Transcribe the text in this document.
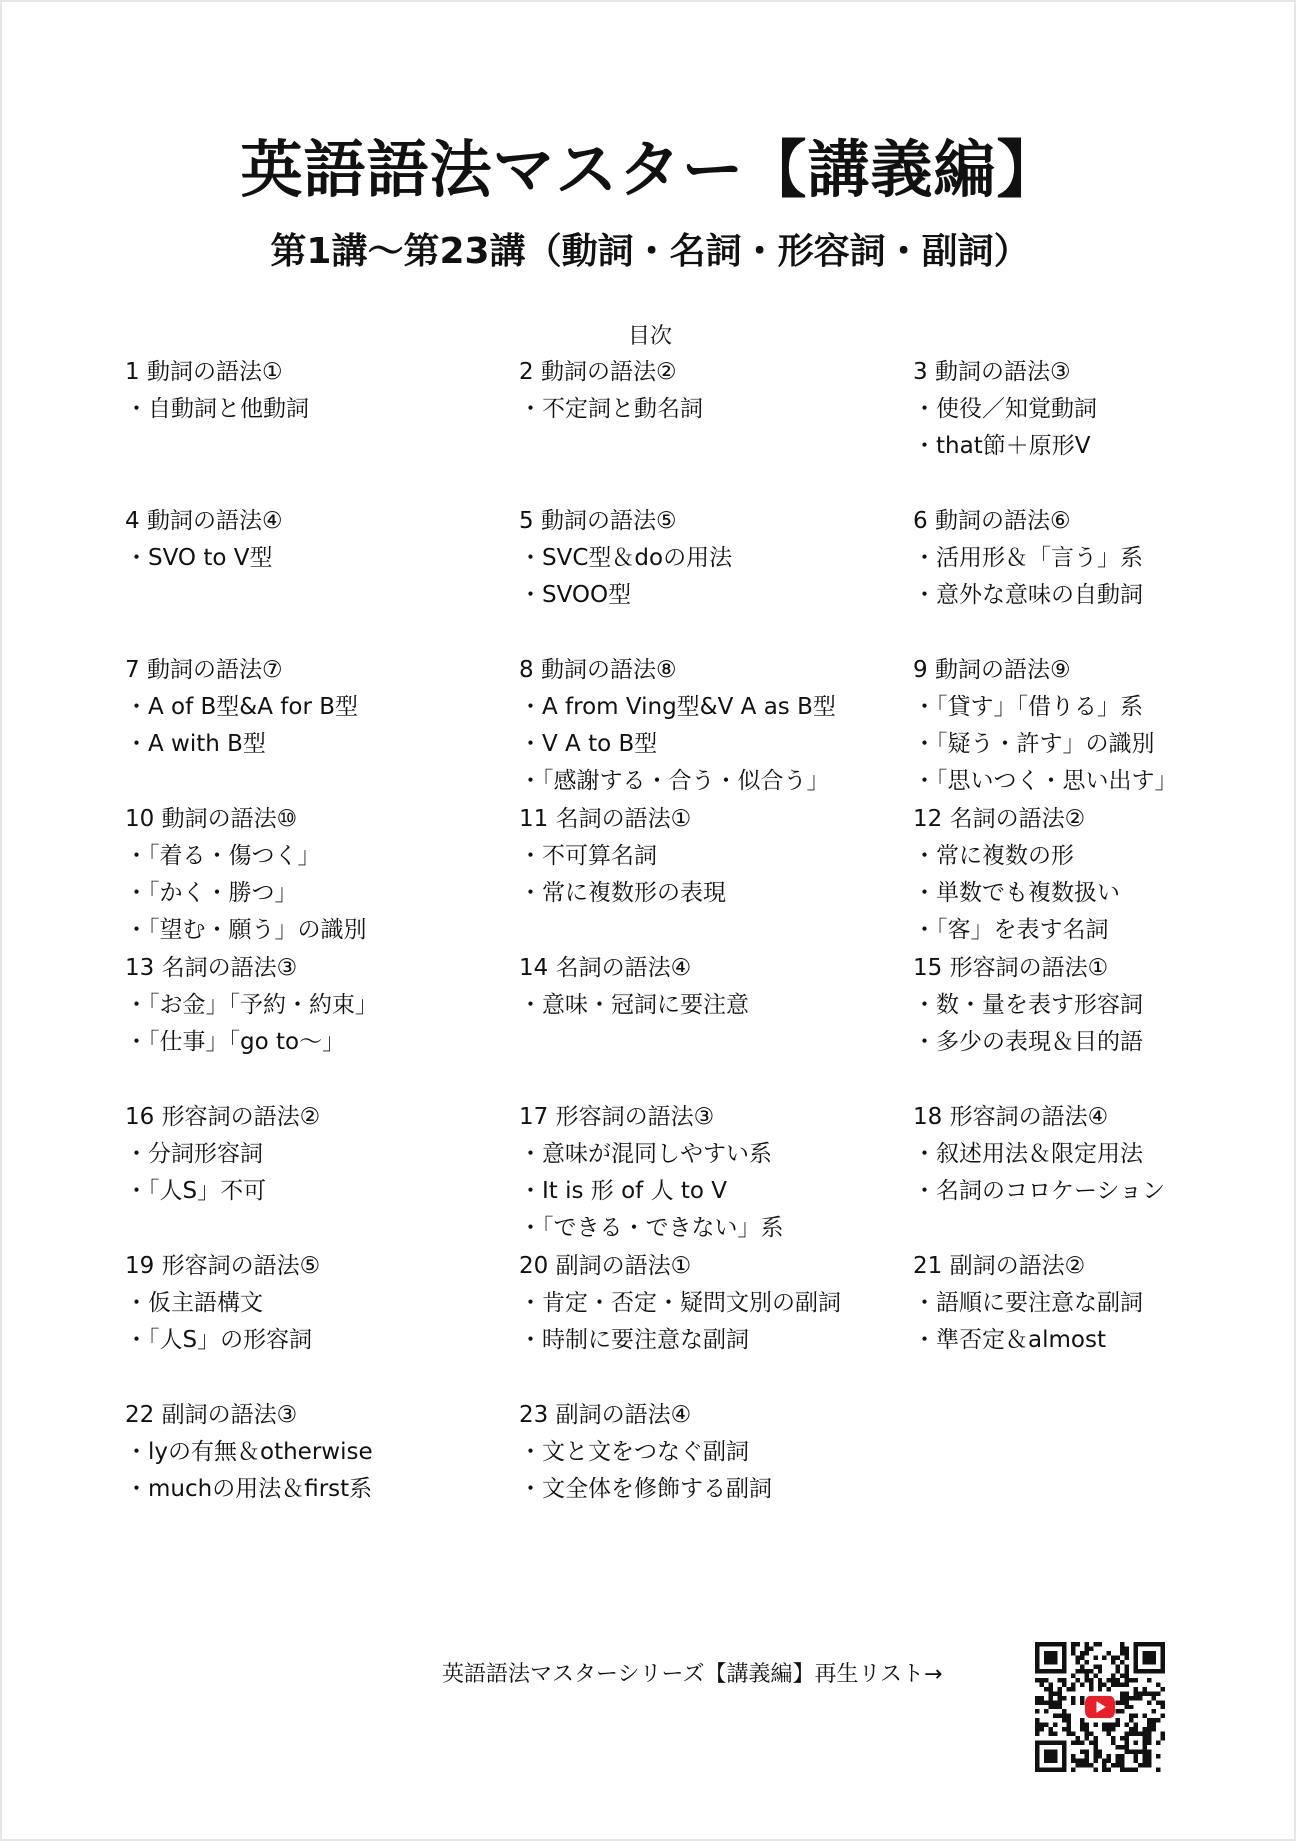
英語語法マスター【講義編】
第1講〜第23講（動詞・名詞・形容詞・副詞）
目次
1 動詞の語法①
・自動詞と他動詞
2 動詞の語法②
・不定詞と動名詞
3 動詞の語法③
・使役／知覚動詞
・that節＋原形V
4 動詞の語法④
・SVO to V型
5 動詞の語法⑤
・SVC型＆doの用法
・SVOO型
6 動詞の語法⑥
・活用形＆「言う」系
・意外な意味の自動詞
7 動詞の語法⑦
・A of B型&A for B型
・A with B型
8 動詞の語法⑧
・A from Ving型&V A as B型
・V A to B型
・「感謝する・合う・似合う」
9 動詞の語法⑨
・「貸す」「借りる」系
・「疑う・許す」の識別
・「思いつく・思い出す」
10 動詞の語法⑩
・「着る・傷つく」
・「かく・勝つ」
・「望む・願う」の識別
11 名詞の語法①
・不可算名詞
・常に複数形の表現
12 名詞の語法②
・常に複数の形
・単数でも複数扱い
・「客」を表す名詞
13 名詞の語法③
・「お金」「予約・約束」
・「仕事」「go to〜」
14 名詞の語法④
・意味・冠詞に要注意
15 形容詞の語法①
・数・量を表す形容詞
・多少の表現＆目的語
16 形容詞の語法②
・分詞形容詞
・「人S」不可
17 形容詞の語法③
・意味が混同しやすい系
・It is 形 of 人 to V
・「できる・できない」系
18 形容詞の語法④
・叙述用法＆限定用法
・名詞のコロケーション
19 形容詞の語法⑤
・仮主語構文
・「人S」の形容詞
20 副詞の語法①
・肯定・否定・疑問文別の副詞
・時制に要注意な副詞
21 副詞の語法②
・語順に要注意な副詞
・準否定＆almost
22 副詞の語法③
・lyの有無＆otherwise
・muchの用法＆first系
23 副詞の語法④
・文と文をつなぐ副詞
・文全体を修飾する副詞
英語語法マスターシリーズ【講義編】再生リスト→
